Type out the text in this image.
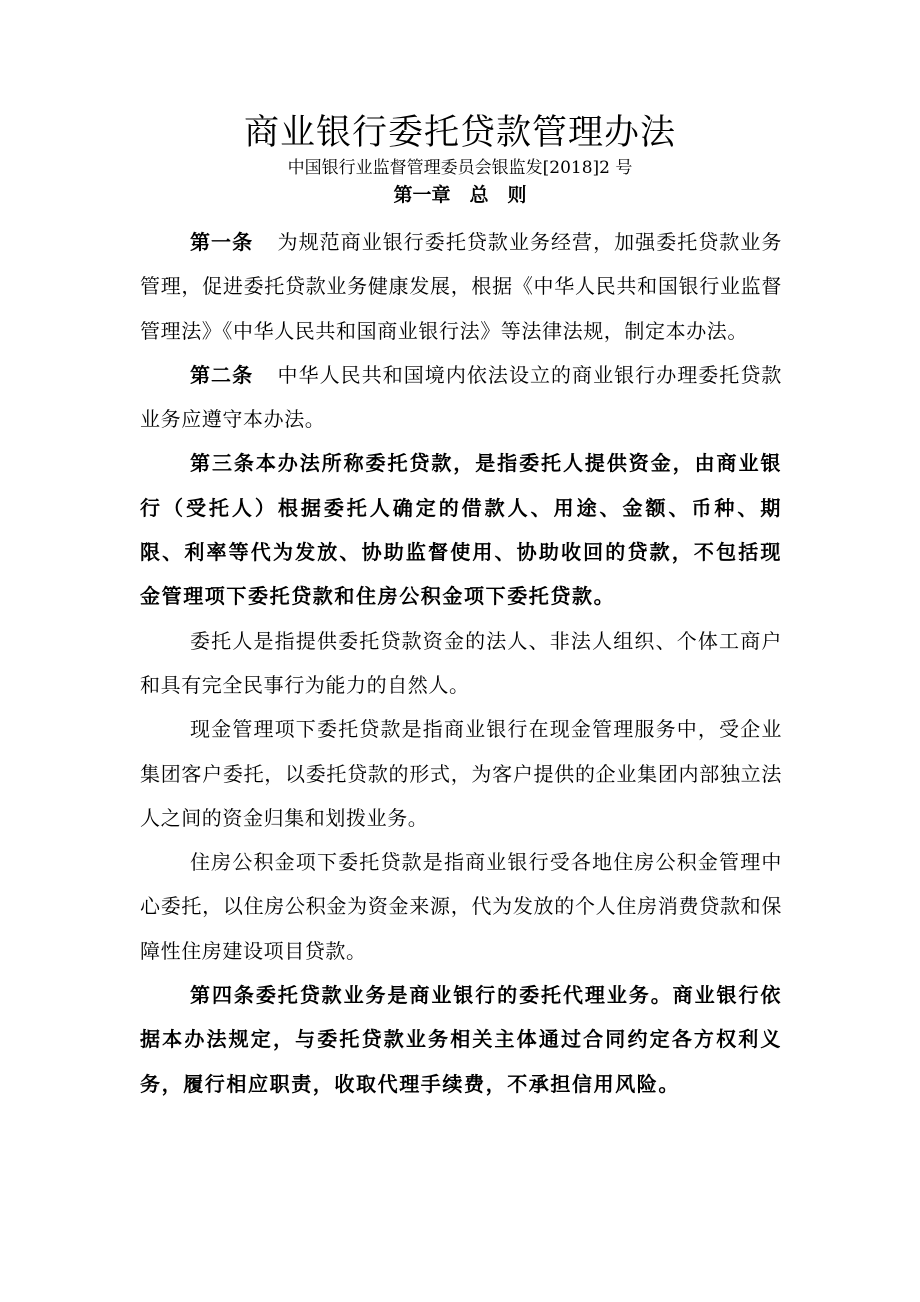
商业银行委托贷款管理办法
中国银行业监督管理委员会银监发[2018]2 号
第一章　总　则

第一条 为规范商业银行委托贷款业务经营，加强委托贷款业务管理，促进委托贷款业务健康发展，根据《中华人民共和国银行业监督管理法》《中华人民共和国商业银行法》等法律法规，制定本办法。

第二条 中华人民共和国境内依法设立的商业银行办理委托贷款业务应遵守本办法。

第三条本办法所称委托贷款，是指委托人提供资金，由商业银行（受托人）根据委托人确定的借款人、用途、金额、币种、期限、利率等代为发放、协助监督使用、协助收回的贷款，不包括现金管理项下委托贷款和住房公积金项下委托贷款。

委托人是指提供委托贷款资金的法人、非法人组织、个体工商户和具有完全民事行为能力的自然人。

现金管理项下委托贷款是指商业银行在现金管理服务中，受企业集团客户委托，以委托贷款的形式，为客户提供的企业集团内部独立法人之间的资金归集和划拨业务。

住房公积金项下委托贷款是指商业银行受各地住房公积金管理中心委托，以住房公积金为资金来源，代为发放的个人住房消费贷款和保障性住房建设项目贷款。

第四条委托贷款业务是商业银行的委托代理业务。商业银行依据本办法规定，与委托贷款业务相关主体通过合同约定各方权利义务，履行相应职责，收取代理手续费，不承担信用风险。
